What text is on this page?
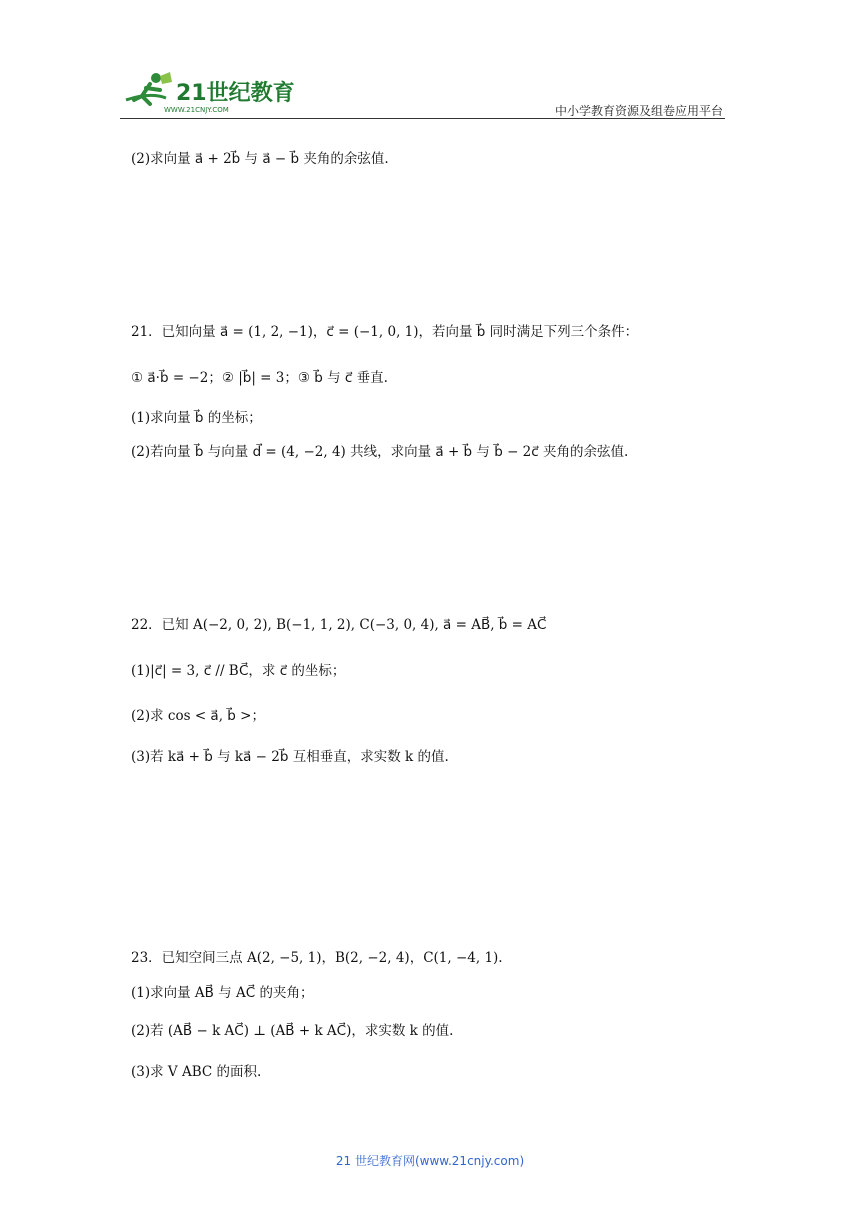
21世纪教育
WWW.21CNJY.COM	中小学教育资源及组卷应用平台
(2)求向量 a⃗ + 2b⃗ 与 a⃗ − b⃗ 夹角的余弦值.
21．已知向量 a⃗ = (1, 2, −1)，c⃗ = (−1, 0, 1)，若向量 b⃗ 同时满足下列三个条件：
① a⃗·b⃗ = −2；② |b⃗| = 3；③ b⃗ 与 c⃗ 垂直.
(1)求向量 b⃗ 的坐标；
(2)若向量 b⃗ 与向量 d⃗ = (4, −2, 4) 共线，求向量 a⃗ + b⃗ 与 b⃗ − 2c⃗ 夹角的余弦值.
22．已知 A(−2, 0, 2), B(−1, 1, 2), C(−3, 0, 4), a⃗ = AB⃗, b⃗ = AC⃗
(1)|c⃗| = 3, c⃗ // BC⃗，求 c⃗ 的坐标；
(2)求 cos < a⃗, b⃗ >；
(3)若 ka⃗ + b⃗ 与 ka⃗ − 2b⃗ 互相垂直，求实数 k 的值.
23．已知空间三点 A(2, −5, 1)，B(2, −2, 4)，C(1, −4, 1).
(1)求向量 AB⃗ 与 AC⃗ 的夹角；
(2)若 (AB⃗ − k AC⃗) ⊥ (AB⃗ + k AC⃗)，求实数 k 的值.
(3)求 V ABC 的面积.
21 世纪教育网(www.21cnjy.com)
